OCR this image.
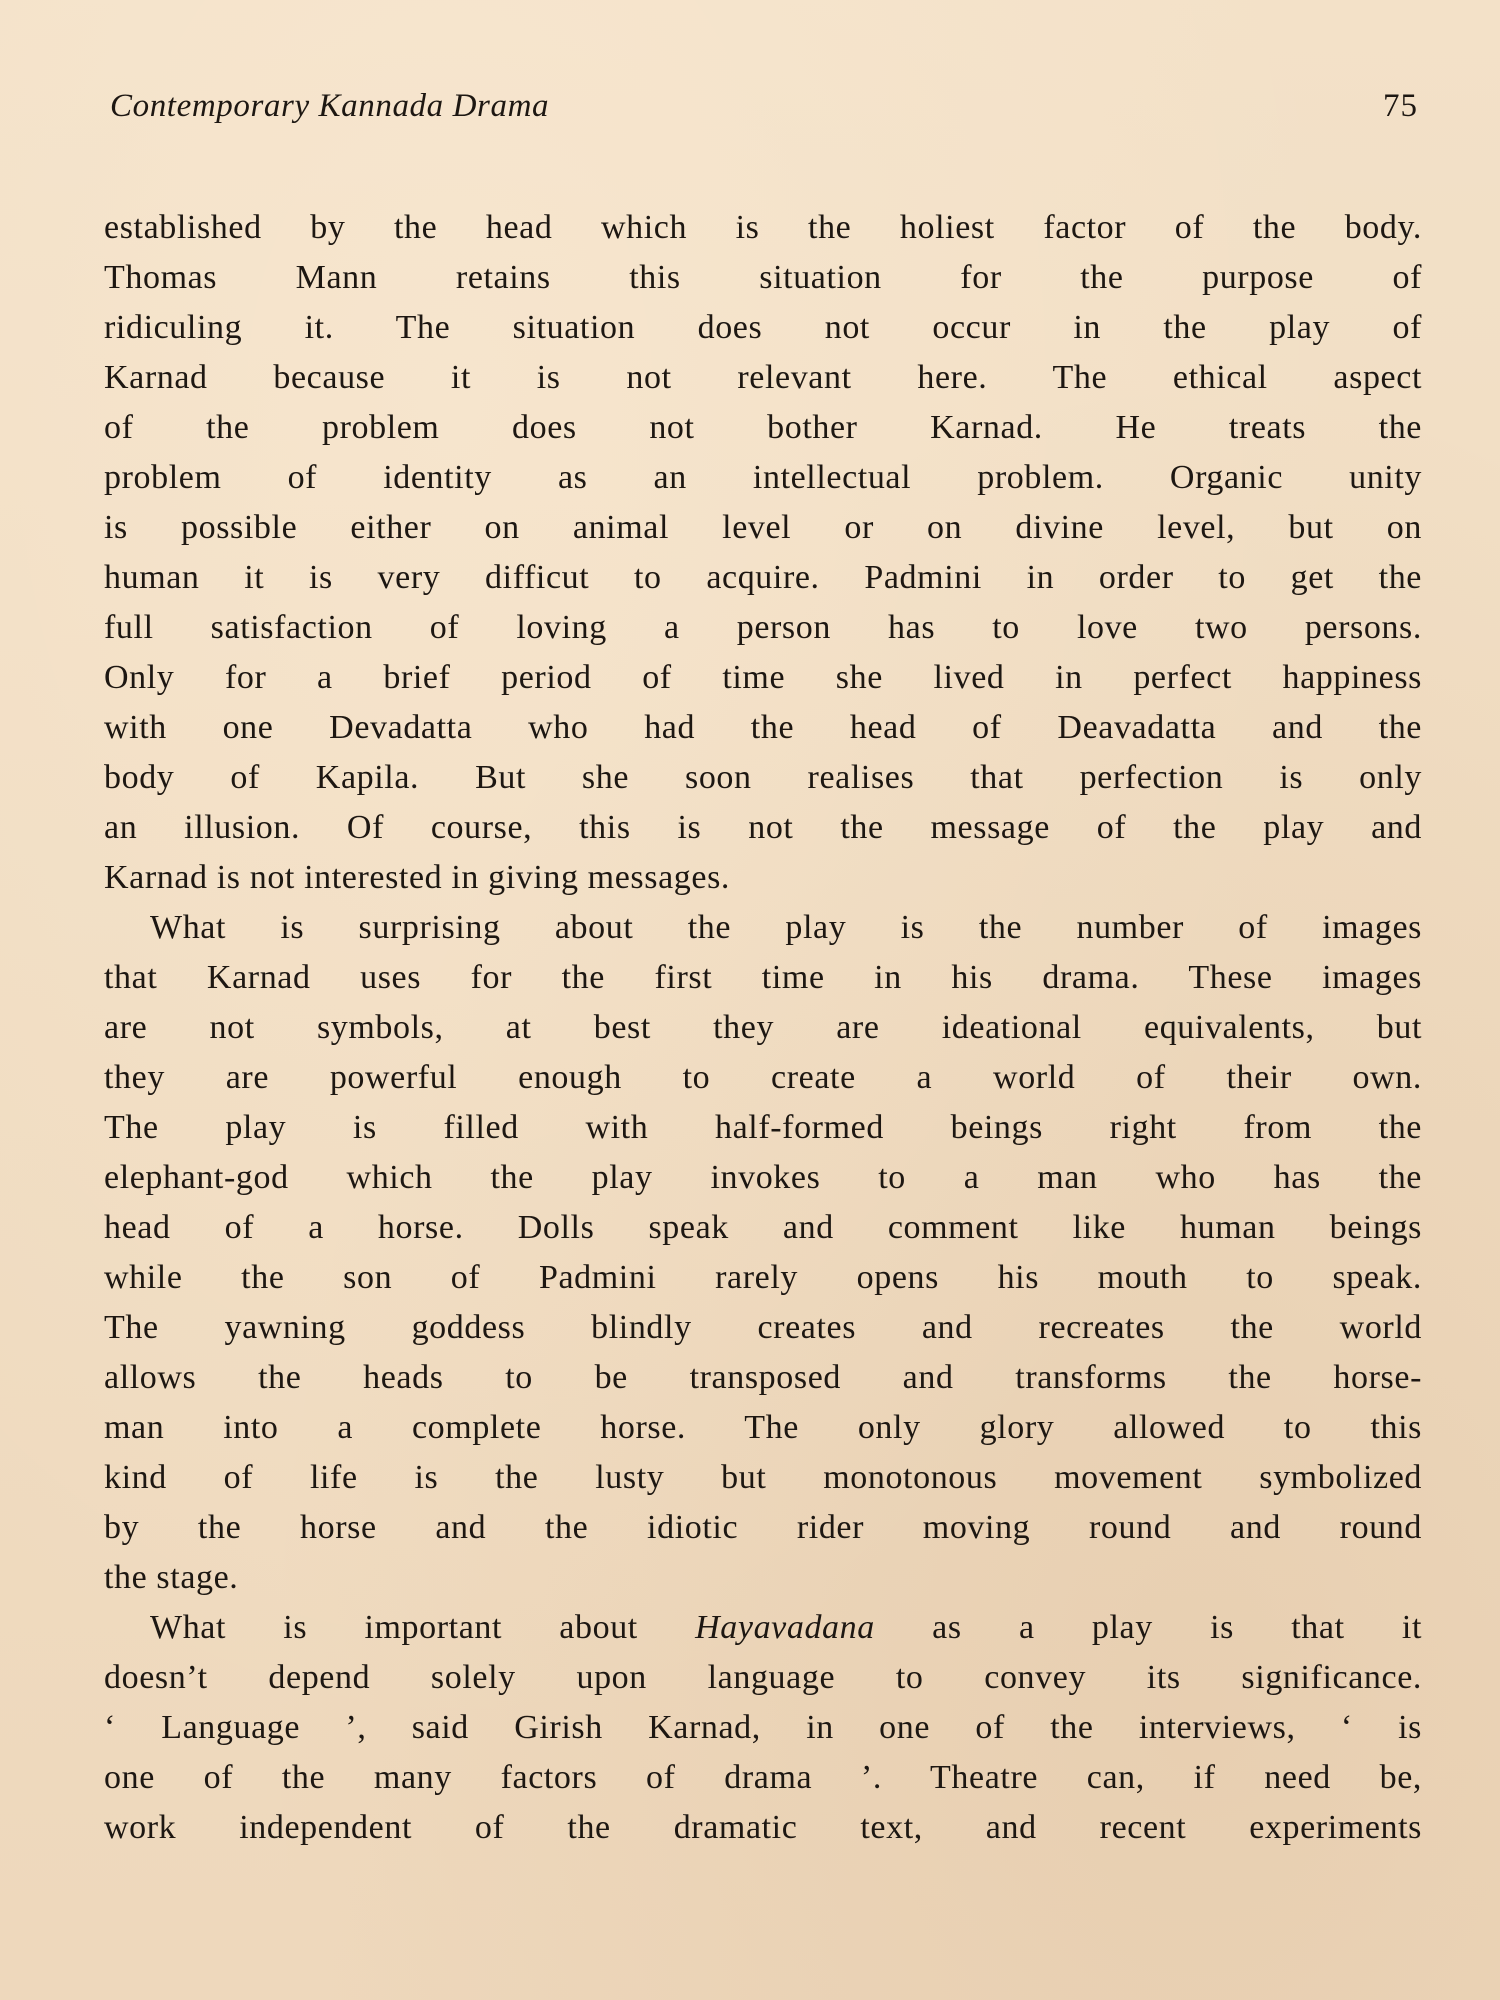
Contemporary Kannada Drama	75
established by the head which is the holiest factor of the body.
Thomas Mann retains this situation for the purpose of
ridiculing it. The situation does not occur in the play of
Karnad because it is not relevant here. The ethical aspect
of the problem does not bother Karnad. He treats the
problem of identity as an intellectual problem. Organic unity
is possible either on animal level or on divine level, but on
human it is very difficut to acquire. Padmini in order to get the
full satisfaction of loving a person has to love two persons.
Only for a brief period of time she lived in perfect happiness
with one Devadatta who had the head of Deavadatta and the
body of Kapila. But she soon realises that perfection is only
an illusion. Of course, this is not the message of the play and
Karnad is not interested in giving messages.
What is surprising about the play is the number of images
that Karnad uses for the first time in his drama. These images
are not symbols, at best they are ideational equivalents, but
they are powerful enough to create a world of their own.
The play is filled with half-formed beings right from the
elephant-god which the play invokes to a man who has the
head of a horse. Dolls speak and comment like human beings
while the son of Padmini rarely opens his mouth to speak.
The yawning goddess blindly creates and recreates the world
allows the heads to be transposed and transforms the horse-
man into a complete horse. The only glory allowed to this
kind of life is the lusty but monotonous movement symbolized
by the horse and the idiotic rider moving round and round
the stage.
What is important about Hayavadana as a play is that it
doesn’t depend solely upon language to convey its significance.
‘ Language ’, said Girish Karnad, in one of the interviews, ‘ is
one of the many factors of drama ’. Theatre can, if need be,
work independent of the dramatic text, and recent experiments
